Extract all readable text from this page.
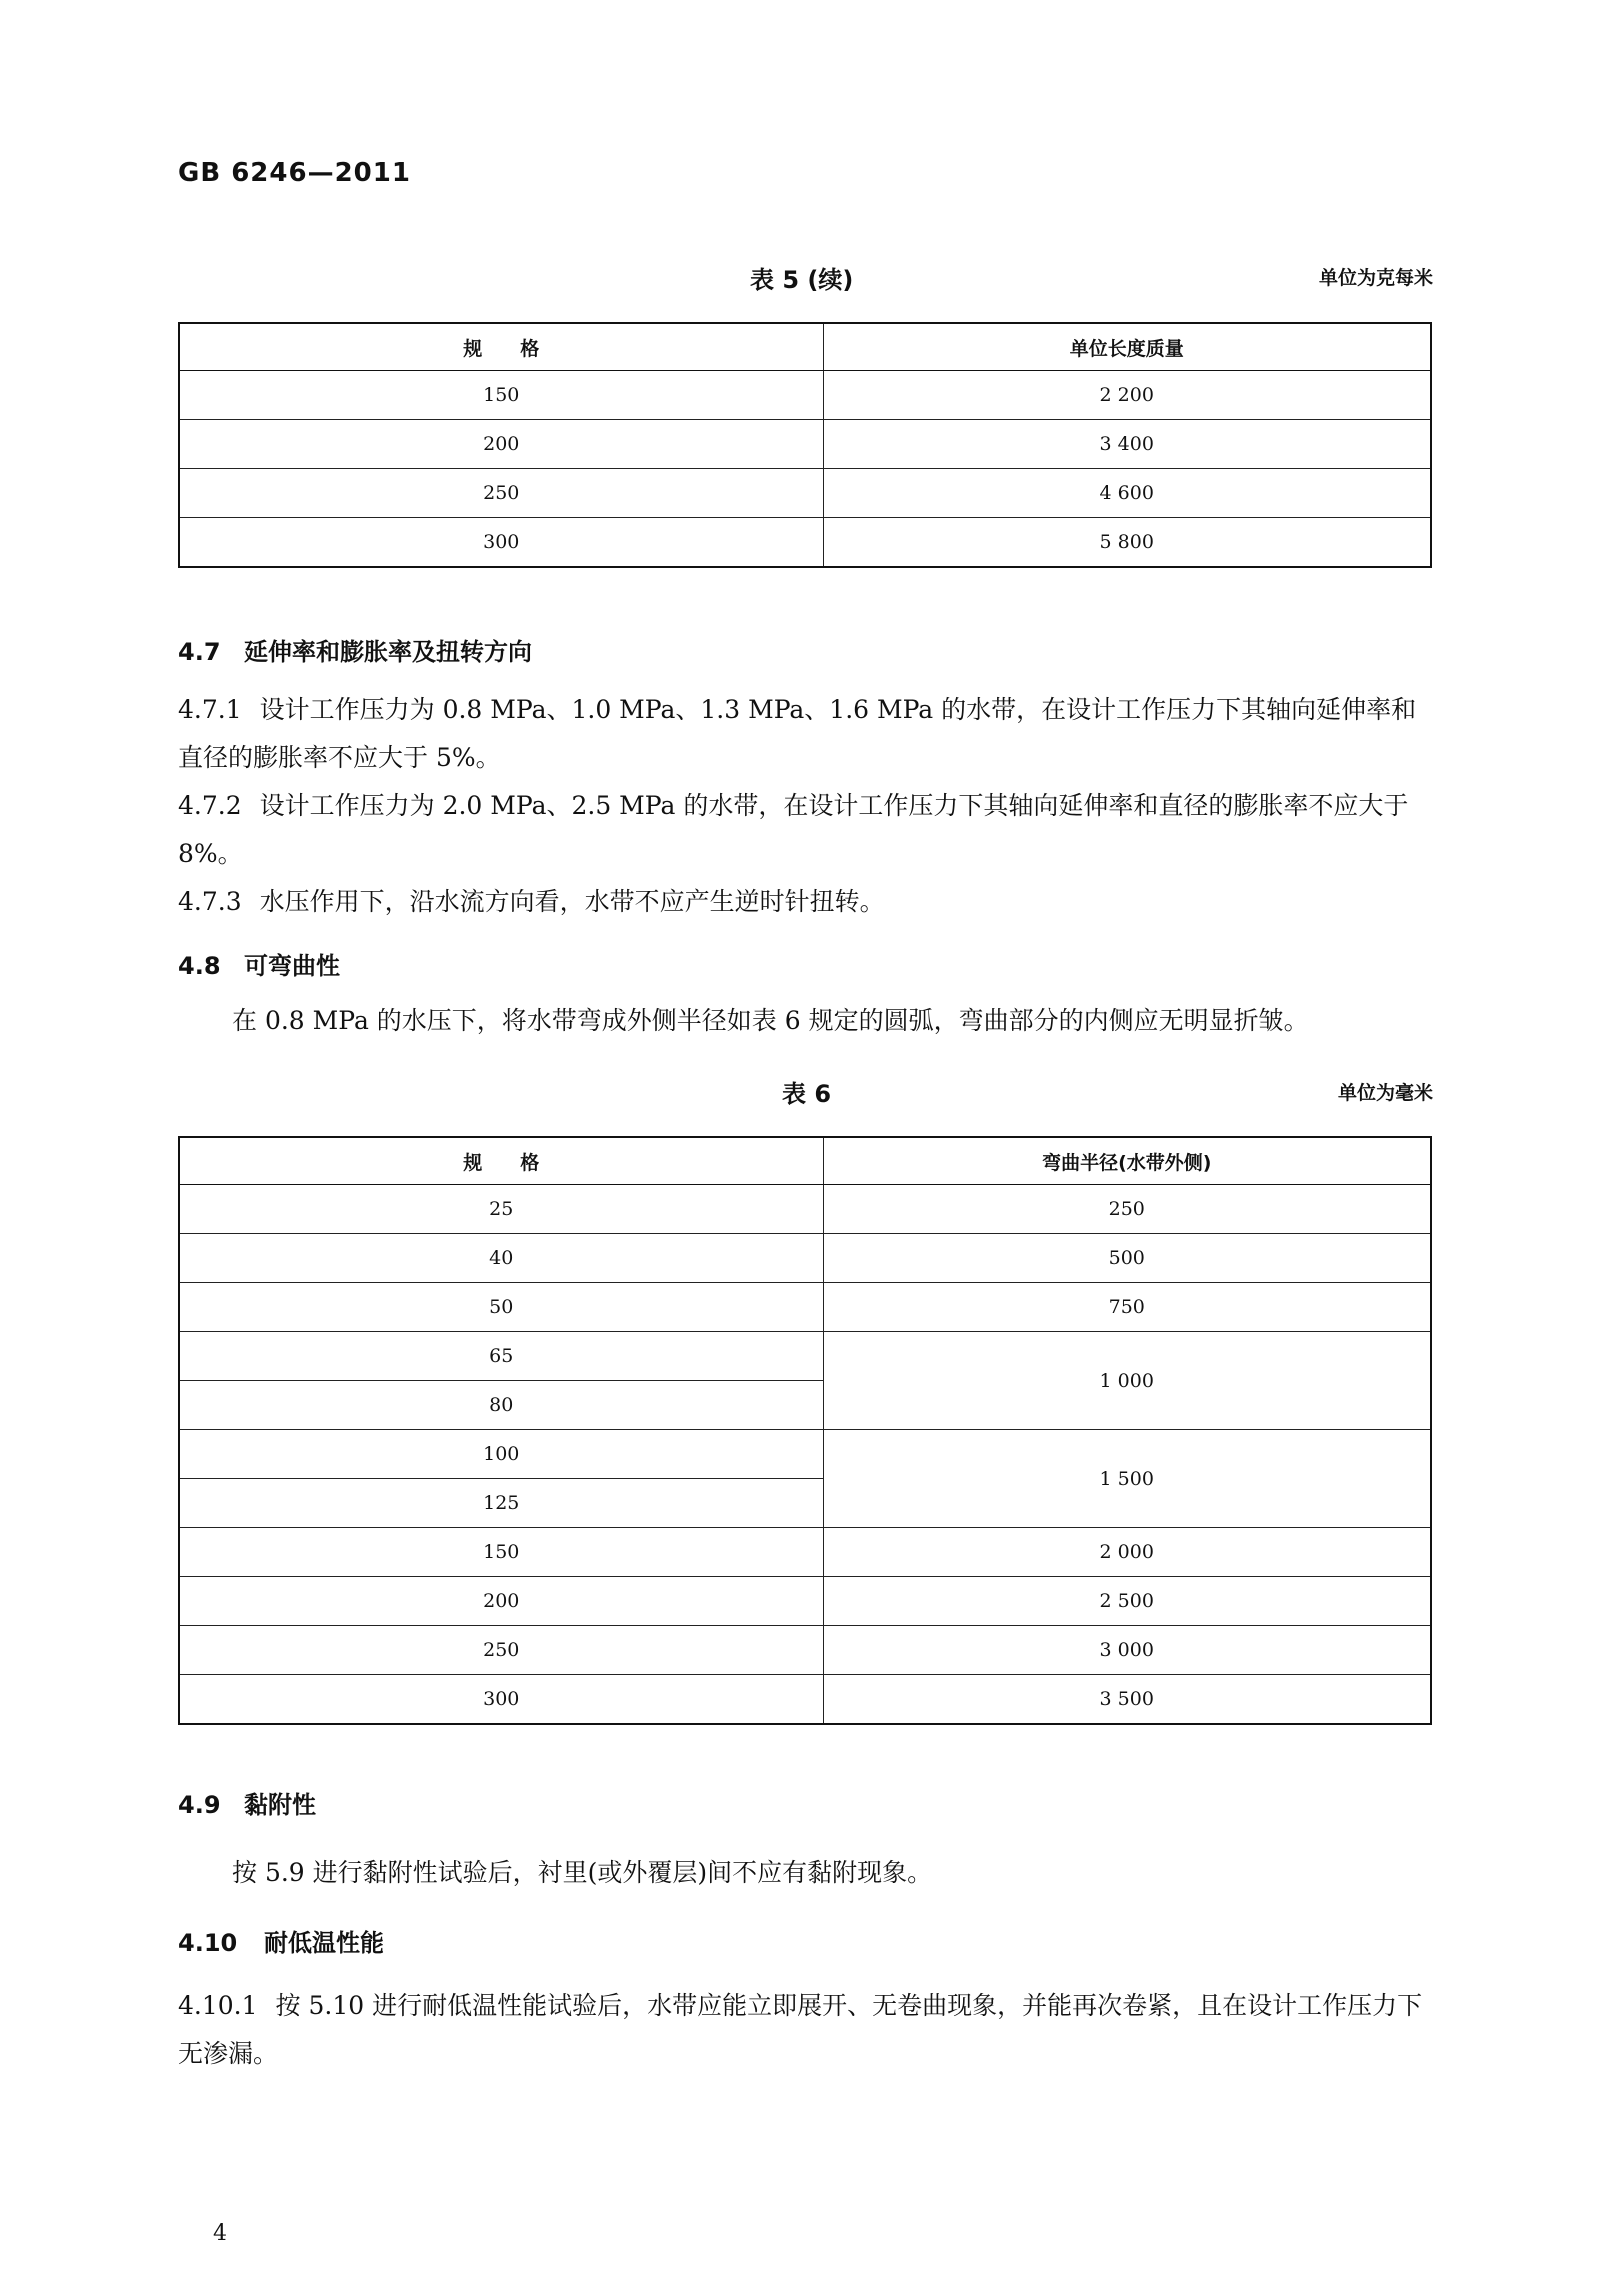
GB 6246—2011
表 5 (续)	单位为克每米
规　　格	单位长度质量
150	2 200
200	3 400
250	4 600
300	5 800
4.7 延伸率和膨胀率及扭转方向
4.7.1 设计工作压力为 0.8 MPa、1.0 MPa、1.3 MPa、1.6 MPa 的水带，在设计工作压力下其轴向延伸率和直径的膨胀率不应大于 5%。
4.7.2 设计工作压力为 2.0 MPa、2.5 MPa 的水带，在设计工作压力下其轴向延伸率和直径的膨胀率不应大于 8%。
4.7.3 水压作用下，沿水流方向看，水带不应产生逆时针扭转。
4.8 可弯曲性
在 0.8 MPa 的水压下，将水带弯成外侧半径如表 6 规定的圆弧，弯曲部分的内侧应无明显折皱。
表 6	单位为毫米
规　　格	弯曲半径(水带外侧)
25	250
40	500
50	750
65	1 000
80	
100	1 500
125	
150	2 000
200	2 500
250	3 000
300	3 500
4.9 黏附性
按 5.9 进行黏附性试验后，衬里(或外覆层)间不应有黏附现象。
4.10 耐低温性能
4.10.1 按 5.10 进行耐低温性能试验后，水带应能立即展开、无卷曲现象，并能再次卷紧，且在设计工作压力下无渗漏。
4
